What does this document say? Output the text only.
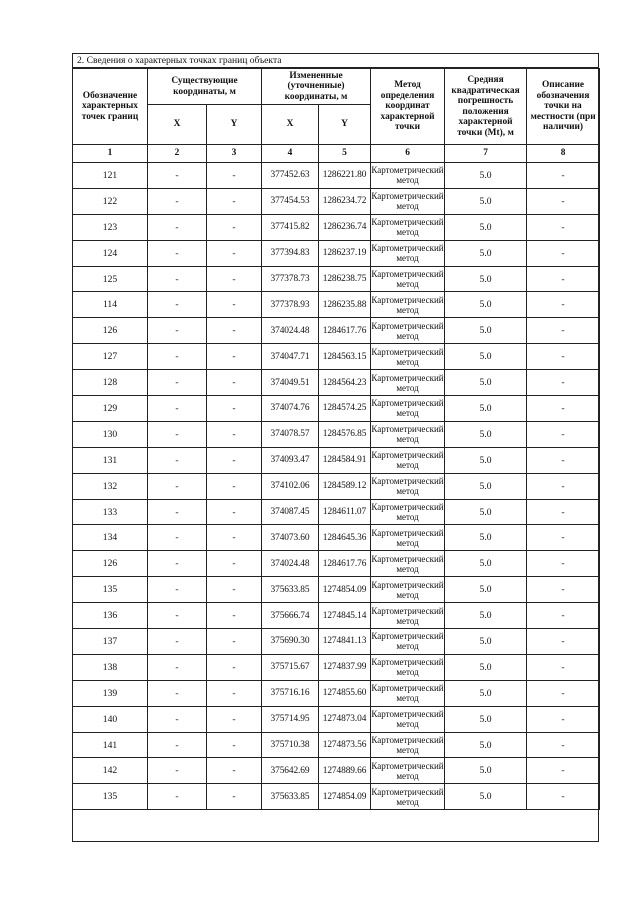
2. Сведения о характерных точках границ объекта
Обозначение характерных точек границ	Существующие координаты, м		Измененные (уточненные) координаты, м		Метод определения координат характерной точки	Средняя квадратическая погрешность положения характерной точки (Mt), м	Описание обозначения точки на местности (при наличии)
	X	Y	X	Y			
1	2	3	4	5	6	7	8
121	-	-	377452.63	1286221.80	Картометрический метод	5.0	-
122	-	-	377454.53	1286234.72	Картометрический метод	5.0	-
123	-	-	377415.82	1286236.74	Картометрический метод	5.0	-
124	-	-	377394.83	1286237.19	Картометрический метод	5.0	-
125	-	-	377378.73	1286238.75	Картометрический метод	5.0	-
114	-	-	377378.93	1286235.88	Картометрический метод	5.0	-
126	-	-	374024.48	1284617.76	Картометрический метод	5.0	-
127	-	-	374047.71	1284563.15	Картометрический метод	5.0	-
128	-	-	374049.51	1284564.23	Картометрический метод	5.0	-
129	-	-	374074.76	1284574.25	Картометрический метод	5.0	-
130	-	-	374078.57	1284576.85	Картометрический метод	5.0	-
131	-	-	374093.47	1284584.91	Картометрический метод	5.0	-
132	-	-	374102.06	1284589.12	Картометрический метод	5.0	-
133	-	-	374087.45	1284611.07	Картометрический метод	5.0	-
134	-	-	374073.60	1284645.36	Картометрический метод	5.0	-
126	-	-	374024.48	1284617.76	Картометрический метод	5.0	-
135	-	-	375633.85	1274854.09	Картометрический метод	5.0	-
136	-	-	375666.74	1274845.14	Картометрический метод	5.0	-
137	-	-	375690.30	1274841.13	Картометрический метод	5.0	-
138	-	-	375715.67	1274837.99	Картометрический метод	5.0	-
139	-	-	375716.16	1274855.60	Картометрический метод	5.0	-
140	-	-	375714.95	1274873.04	Картометрический метод	5.0	-
141	-	-	375710.38	1274873.56	Картометрический метод	5.0	-
142	-	-	375642.69	1274889.66	Картометрический метод	5.0	-
135	-	-	375633.85	1274854.09	Картометрический метод	5.0	-
